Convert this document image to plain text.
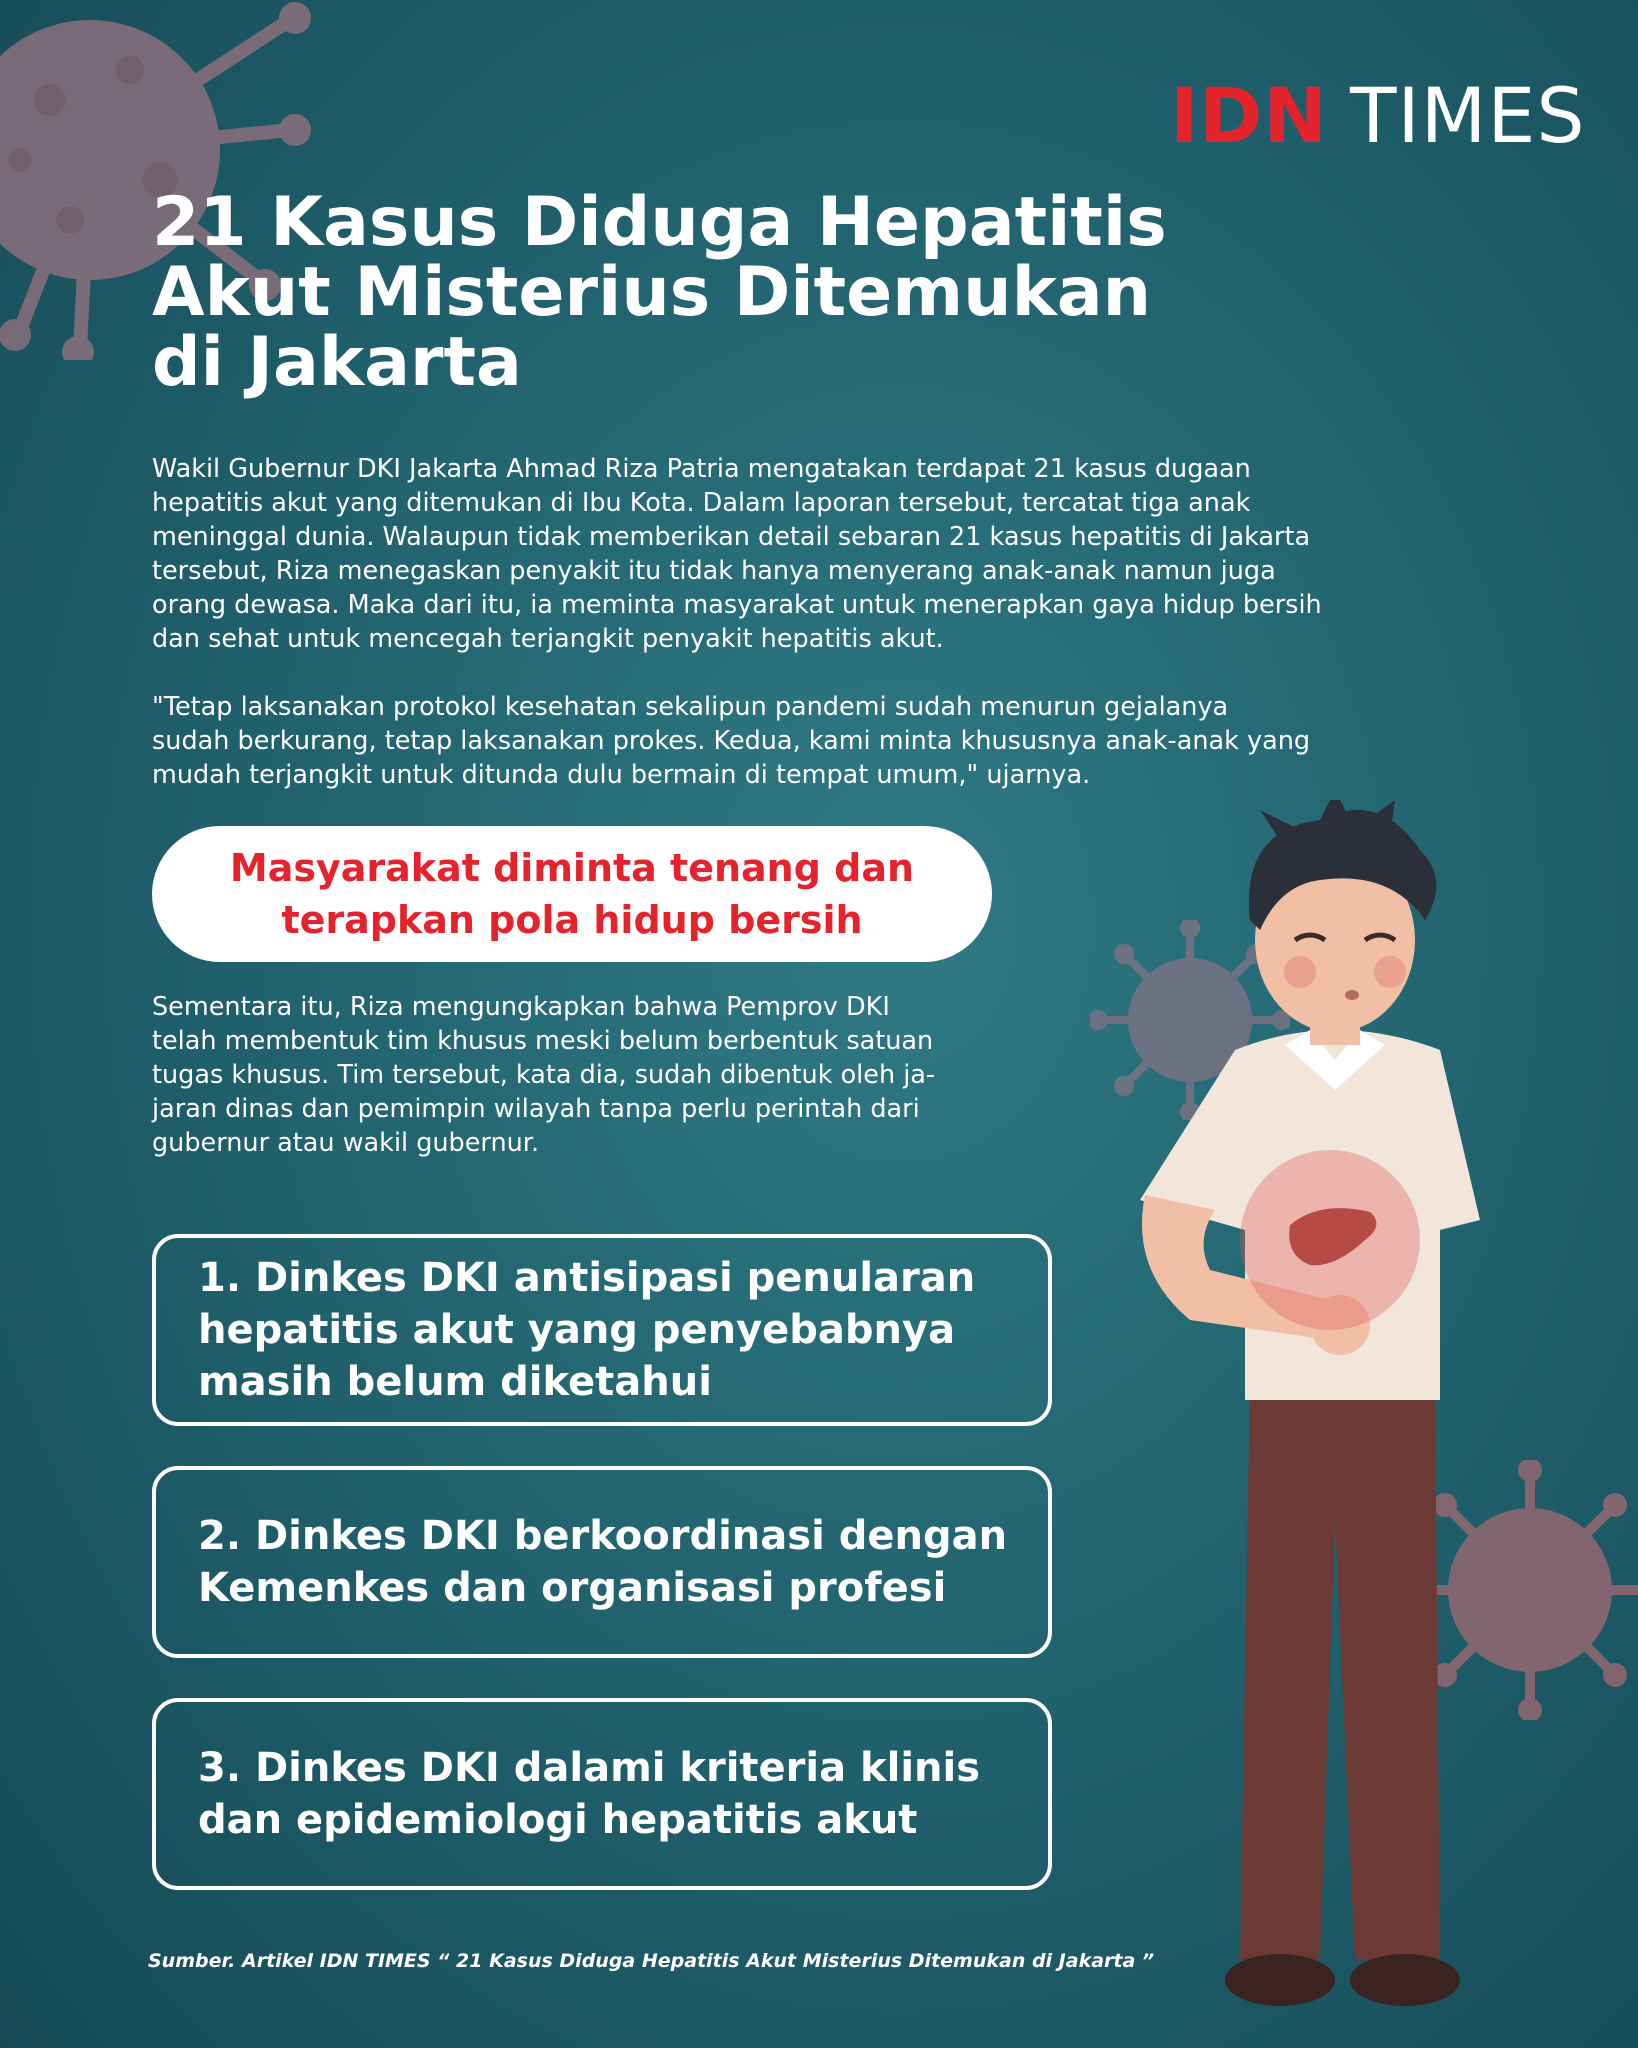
IDN TIMES
21 Kasus Diduga Hepatitis
Akut Misterius Ditemukan
di Jakarta

Wakil Gubernur DKI Jakarta Ahmad Riza Patria mengatakan terdapat 21 kasus dugaan
hepatitis akut yang ditemukan di Ibu Kota. Dalam laporan tersebut, tercatat tiga anak
meninggal dunia. Walaupun tidak memberikan detail sebaran 21 kasus hepatitis di Jakarta
tersebut, Riza menegaskan penyakit itu tidak hanya menyerang anak-anak namun juga
orang dewasa. Maka dari itu, ia meminta masyarakat untuk menerapkan gaya hidup bersih
dan sehat untuk mencegah terjangkit penyakit hepatitis akut.

"Tetap laksanakan protokol kesehatan sekalipun pandemi sudah menurun gejalanya
sudah berkurang, tetap laksanakan prokes. Kedua, kami minta khususnya anak-anak yang
mudah terjangkit untuk ditunda dulu bermain di tempat umum," ujarnya.

Masyarakat diminta tenang dan
terapkan pola hidup bersih

Sementara itu, Riza mengungkapkan bahwa Pemprov DKI
telah membentuk tim khusus meski belum berbentuk satuan
tugas khusus. Tim tersebut, kata dia, sudah dibentuk oleh ja-
jaran dinas dan pemimpin wilayah tanpa perlu perintah dari
gubernur atau wakil gubernur.

1. Dinkes DKI antisipasi penularan
hepatitis akut yang penyebabnya
masih belum diketahui
2. Dinkes DKI berkoordinasi dengan
Kemenkes dan organisasi profesi
3. Dinkes DKI dalami kriteria klinis
dan epidemiologi hepatitis akut
Sumber. Artikel IDN TIMES “ 21 Kasus Diduga Hepatitis Akut Misterius Ditemukan di Jakarta ”
